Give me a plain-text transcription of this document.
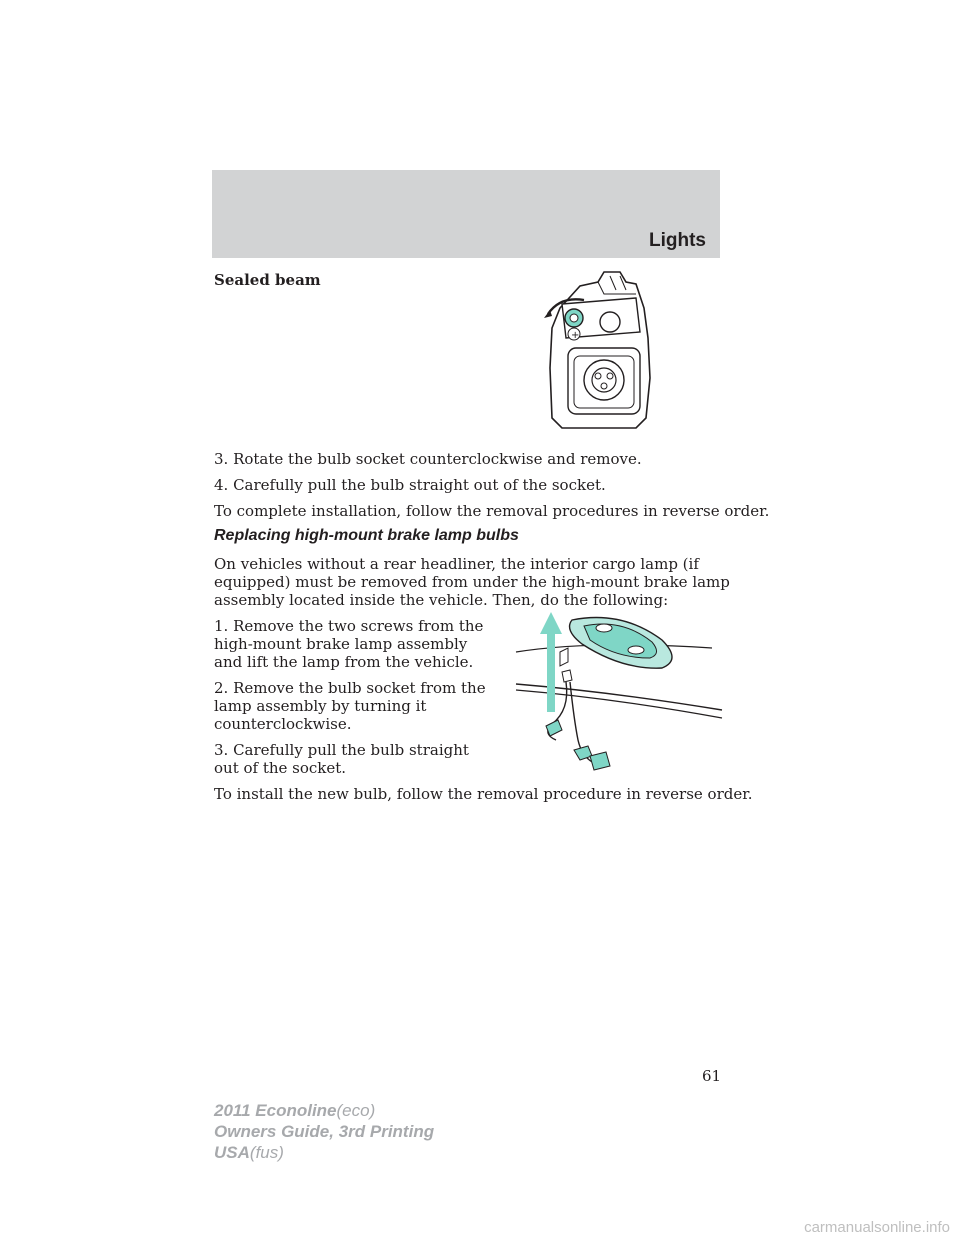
Lights

Sealed beam

+

3. Rotate the bulb socket counterclockwise and remove.

4. Carefully pull the bulb straight out of the socket.

To complete installation, follow the removal procedures in reverse order.

Replacing high-mount brake lamp bulbs

On vehicles without a rear headliner, the interior cargo lamp (if

equipped) must be removed from under the high-mount brake lamp

assembly located inside the vehicle. Then, do the following:

1. Remove the two screws from the

high-mount brake lamp assembly

and lift the lamp from the vehicle.

2. Remove the bulb socket from the

lamp assembly by turning it

counterclockwise.

3. Carefully pull the bulb straight

out of the socket.

To install the new bulb, follow the removal procedure in reverse order.

61
2011 Econoline(eco)
Owners Guide, 3rd Printing
USA(fus)
carmanualsonline.info
